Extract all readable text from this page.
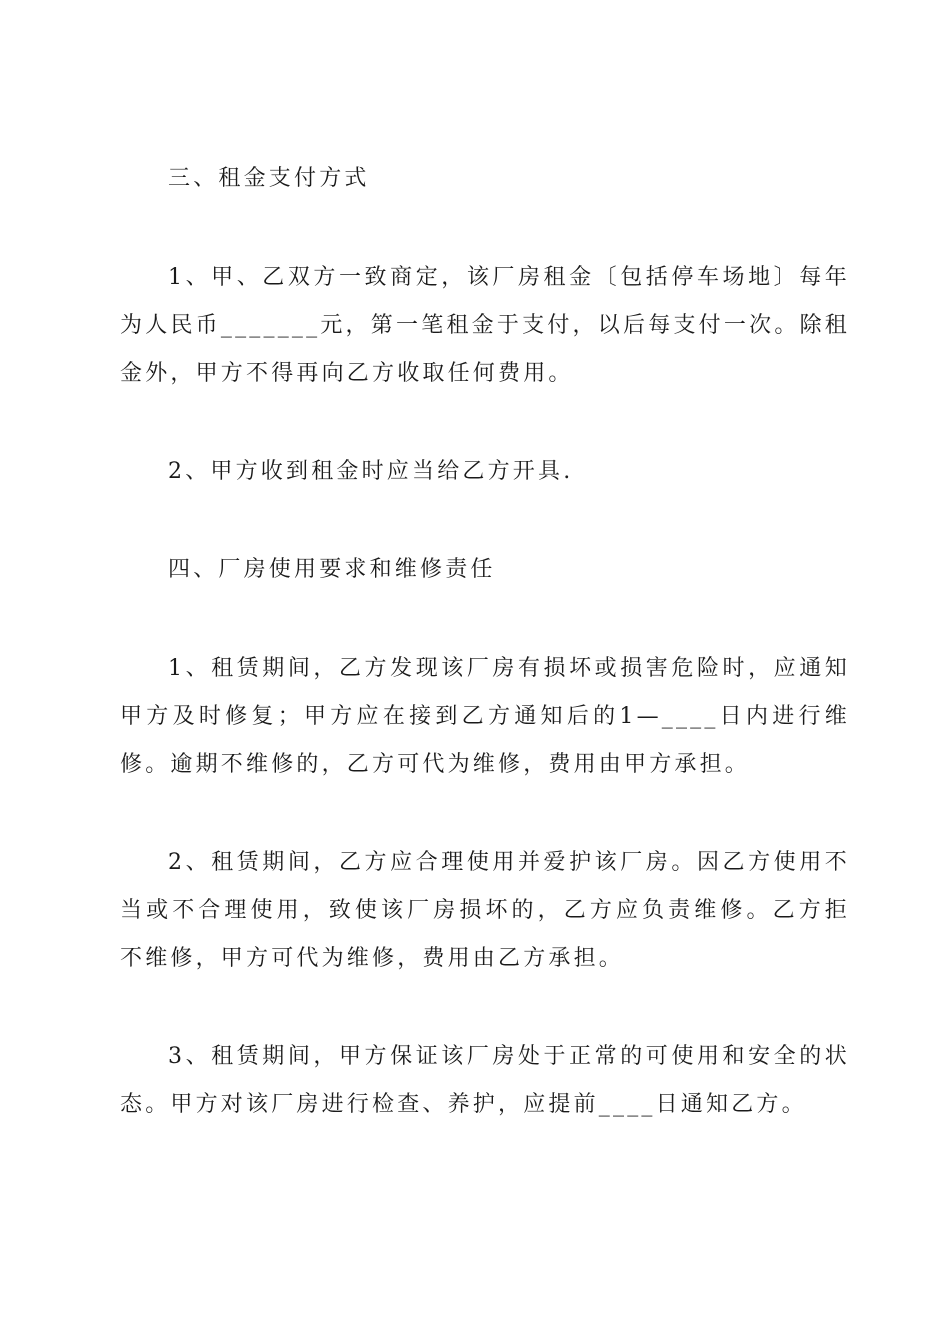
三、租金支付方式

1、甲、乙双方一致商定，该厂房租金〔包括停车场地〕每年为人民币_______元，第一笔租金于支付，以后每支付一次。除租金外，甲方不得再向乙方收取任何费用。

2、甲方收到租金时应当给乙方开具.

四、厂房使用要求和维修责任

1、租赁期间，乙方发现该厂房有损坏或损害危险时，应通知甲方及时修复；甲方应在接到乙方通知后的1—____日内进行维修。逾期不维修的，乙方可代为维修，费用由甲方承担。

2、租赁期间，乙方应合理使用并爱护该厂房。因乙方使用不当或不合理使用，致使该厂房损坏的，乙方应负责维修。乙方拒不维修，甲方可代为维修，费用由乙方承担。

3、租赁期间，甲方保证该厂房处于正常的可使用和安全的状态。甲方对该厂房进行检查、养护，应提前____日通知乙方。
